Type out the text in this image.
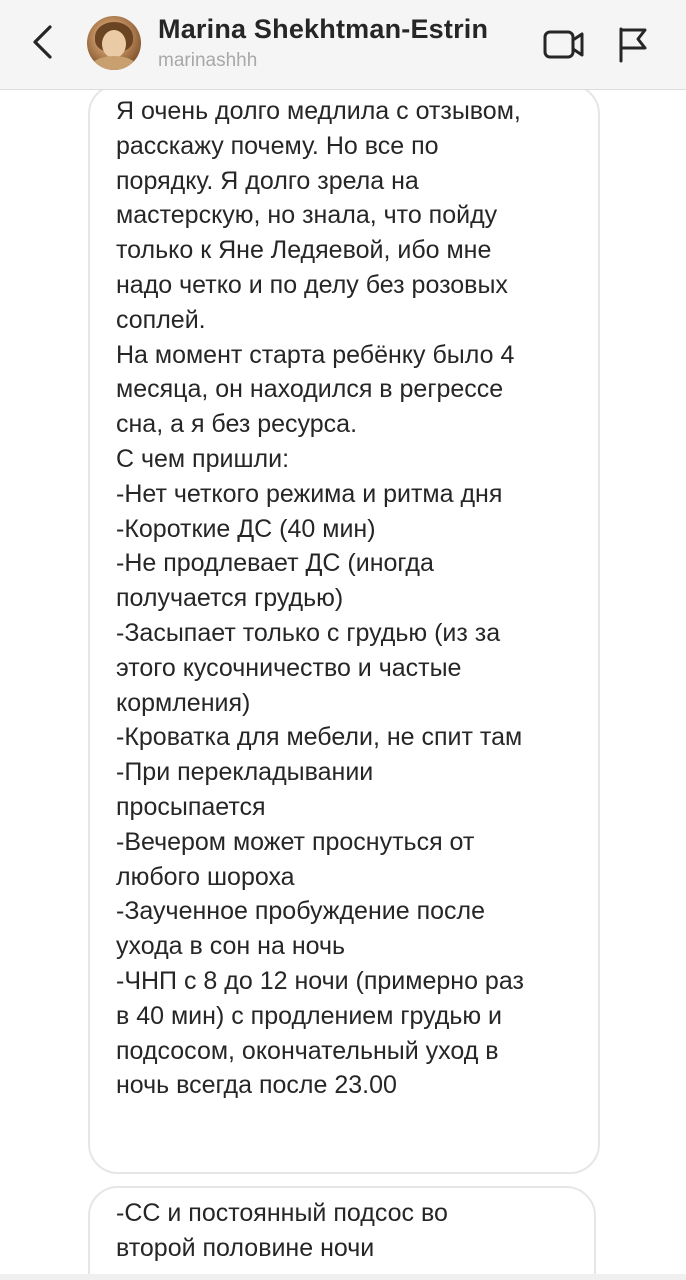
Marina Shekhtman-Estrin
marinashhh

Я очень долго медлила с отзывом,
расскажу почему. Но все по
порядку. Я долго зрела на
мастерскую, но знала, что пойду
только к Яне Ледяевой, ибо мне
надо четко и по делу без розовых
соплей.
На момент старта ребёнку было 4
месяца, он находился в регрессе
сна, а я без ресурса.
С чем пришли:
-Нет четкого режима и ритма дня
-Короткие ДС (40 мин)
-Не продлевает ДС (иногда
получается грудью)
-Засыпает только с грудью (из за
этого кусочничество и частые
кормления)
-Кроватка для мебели, не спит там
-При перекладывании
просыпается
-Вечером может проснуться от
любого шороха
-Заученное пробуждение после
ухода в сон на ночь
-ЧНП с 8 до 12 ночи (примерно раз
в 40 мин) с продлением грудью и
подсосом, окончательный уход в
ночь всегда после 23.00

-СС и постоянный подсос во
второй половине ночи
